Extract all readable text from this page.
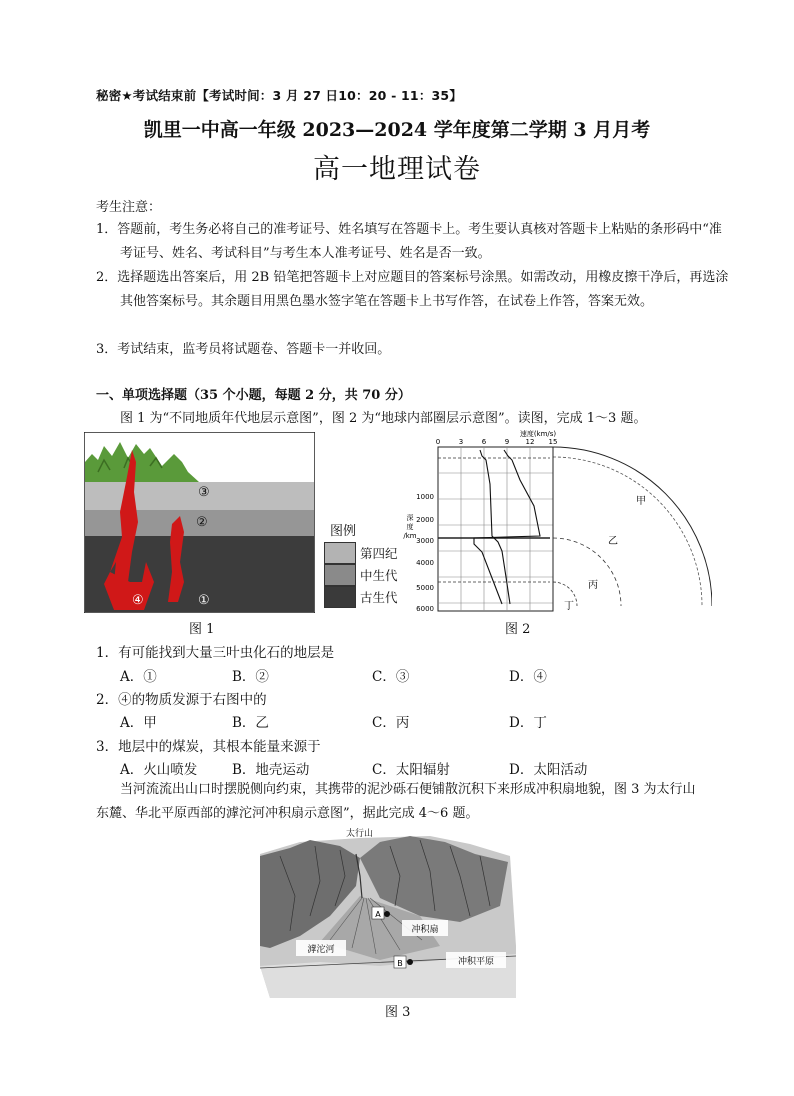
秘密★考试结束前【考试时间：3 月 27 日10：20 - 11：35】
凯里一中高一年级 2023—2024 学年度第二学期 3 月月考
高一地理试卷
考生注意：
1．答题前，考生务必将自己的准考证号、姓名填写在答题卡上。考生要认真核对答题卡上粘贴的条形码中“准考证号、姓名、考试科目”与考生本人准考证号、姓名是否一致。
2．选择题选出答案后，用 2B 铅笔把答题卡上对应题目的答案标号涂黑。如需改动，用橡皮擦干净后，再选涂其他答案标号。其余题目用黑色墨水签字笔在答题卡上书写作答，在试卷上作答，答案无效。
3．考试结束，监考员将试题卷、答题卡一并收回。
一、单项选择题（35 个小题，每题 2 分，共 70 分）
图 1 为“不同地质年代地层示意图”，图 2 为“地球内部圈层示意图”。读图，完成 1～3 题。
③
②
④	①
图 1
图例
第四纪
中生代
古生代
速度(km/s)
0	3	6	9 12 15
1000
2000
3000
4000
5000
6000
深
度
/km
甲
乙
丙
丁
图 2
1．有可能找到大量三叶虫化石的地层是
A．①	B．②	C．③	D．④
2．④的物质发源于右图中的
A．甲	B．乙	C．丙	D．丁
3．地层中的煤炭，其根本能量来源于
A．火山喷发	B．地壳运动	C．太阳辐射	D．太阳活动
当河流流出山口时摆脱侧向约束，其携带的泥沙砾石便铺散沉积下来形成冲积扇地貌，图 3 为太行山东麓、华北平原西部的滹沱河冲积扇示意图”，据此完成 4～6 题。
太行山
滹沱河
冲积扇
冲积平原
A
B
图 3
